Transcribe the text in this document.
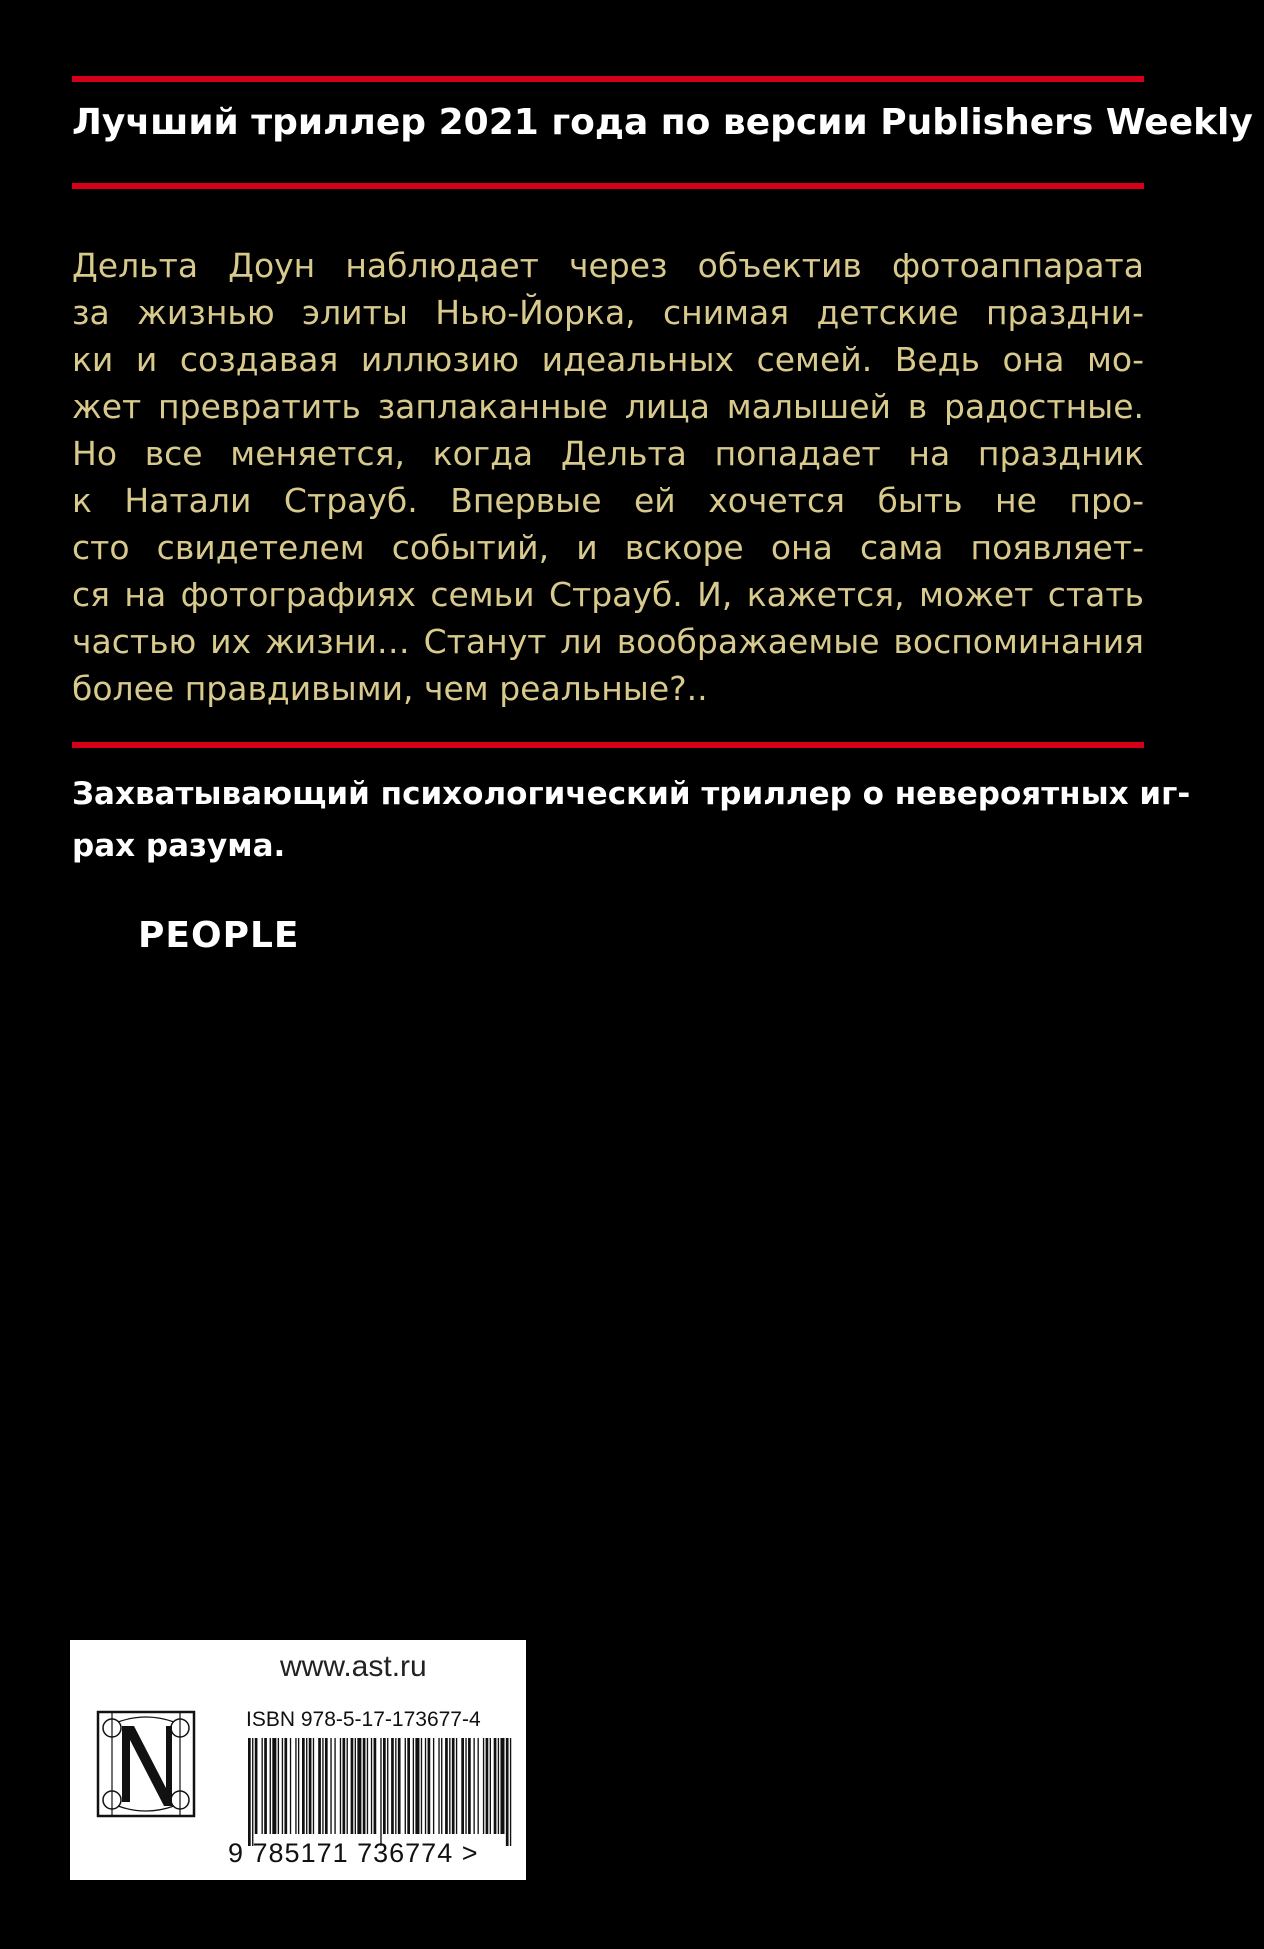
Лучший триллер 2021 года по версии Publishers Weekly
Дельта Доун наблюдает через объектив фотоаппарата
за жизнью элиты Нью-Йорка, снимая детские праздни-
ки и создавая иллюзию идеальных семей. Ведь она мо-
жет превратить заплаканные лица малышей в радостные.
Но все меняется, когда Дельта попадает на праздник
к Натали Страуб. Впервые ей хочется быть не про-
сто свидетелем событий, и вскоре она сама появляет-
ся на фотографиях семьи Страуб. И, кажется, может стать
частью их жизни… Станут ли воображаемые воспоминания
более правдивыми, чем реальные?..
Захватывающий психологический триллер о невероятных иг-
рах разума.
PEOPLE
www.ast.ru
ISBN 978-5-17-173677-4
9 785171 736774 >
